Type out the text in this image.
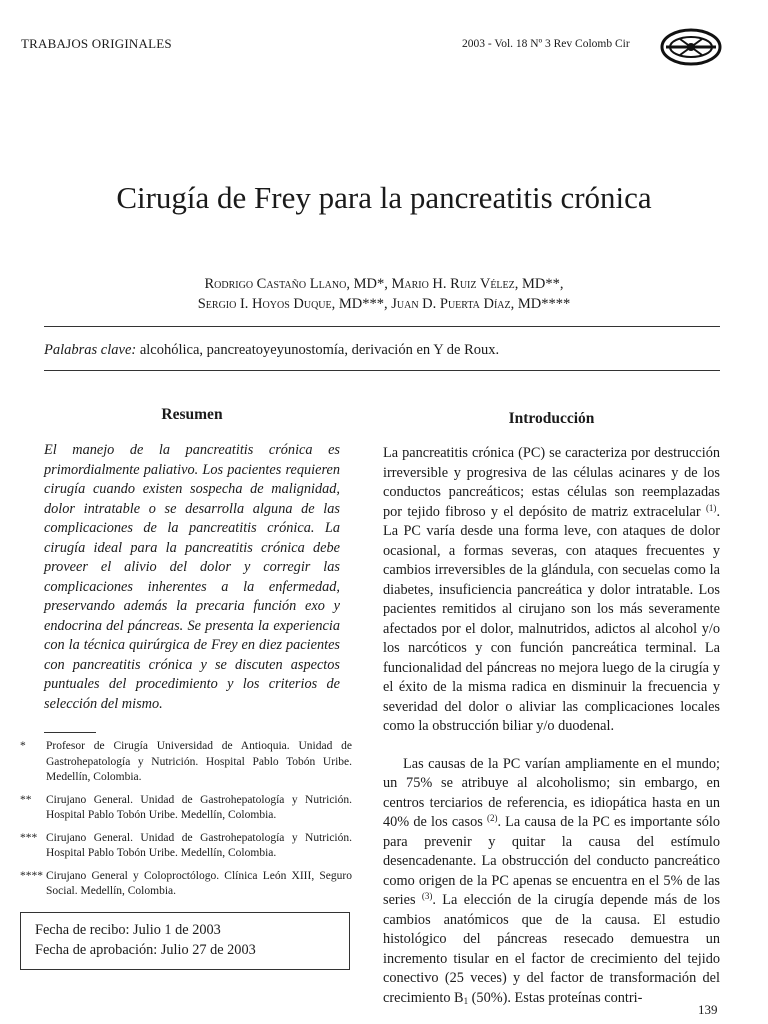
TRABAJOS ORIGINALES	2003 - Vol. 18 Nº 3 Rev Colomb Cir
Cirugía de Frey para la pancreatitis crónica
Rodrigo Castaño Llano, MD*, Mario H. Ruiz Vélez, MD**,
Sergio I. Hoyos Duque, MD***, Juan D. Puerta Díaz, MD****
Palabras clave: alcohólica, pancreatoyeyunostomía, derivación en Y de Roux.
Resumen
El manejo de la pancreatitis crónica es primordialmente paliativo. Los pacientes requieren cirugía cuando existen sospecha de malignidad, dolor intratable o se desarrolla alguna de las complicaciones de la pancreatitis crónica. La cirugía ideal para la pancreatitis crónica debe proveer el alivio del dolor y corregir las complicaciones inherentes a la enfermedad, preservando además la precaria función exo y endocrina del páncreas. Se presenta la experiencia con la técnica quirúrgica de Frey en diez pacientes con pancreatitis crónica y se discuten aspectos puntuales del procedimiento y los criterios de selección del mismo.
Introducción

La pancreatitis crónica (PC) se caracteriza por destrucción irreversible y progresiva de las células acinares y de los conductos pancreáticos; estas células son reemplazadas por tejido fibroso y el depósito de matriz extracelular $^{(1)}$. La PC varía desde una forma leve, con ataques de dolor ocasional, a formas severas, con ataques frecuentes y cambios irreversibles de la glándula, con secuelas como la diabetes, insuficiencia pancreática y dolor intratable. Los pacientes remitidos al cirujano son los más severamente afectados por el dolor, malnutridos, adictos al alcohol y/o los narcóticos y con función pancreática terminal. La funcionalidad del páncreas no mejora luego de la cirugía y el éxito de la misma radica en disminuir la frecuencia y severidad del dolor o aliviar las complicaciones locales como la obstrucción biliar y/o duodenal.

Las causas de la PC varían ampliamente en el mundo; un 75% se atribuye al alcoholismo; sin embargo, en centros terciarios de referencia, es idiopática hasta en un 40% de los casos $^{(2)}$. La causa de la PC es importante sólo para prevenir y quitar la causa del estímulo desencadenante. La obstrucción del conducto pancreático como origen de la PC apenas se encuentra en el 5% de las series $^{(3)}$. La elección de la cirugía depende más de los cambios anatómicos que de la causa. El estudio histológico del páncreas resecado demuestra un incremento tisular en el factor de crecimiento del tejido conectivo (25 veces) y del factor de transformación del crecimiento $B_1$ (50%). Estas proteínas contri-

*	Profesor de Cirugía Universidad de Antioquia. Unidad de Gastrohepatología y Nutrición. Hospital Pablo Tobón Uribe. Medellín, Colombia.
**	Cirujano General. Unidad de Gastrohepatología y Nutrición. Hospital Pablo Tobón Uribe. Medellín, Colombia.
*** Cirujano General. Unidad de Gastrohepatología y Nutrición. Hospital Pablo Tobón Uribe. Medellín, Colombia.
**** Cirujano General y Coloproctólogo. Clínica León XIII, Seguro Social. Medellín, Colombia.
Fecha de recibo: Julio 1 de 2003
Fecha de aprobación: Julio 27 de 2003
139
